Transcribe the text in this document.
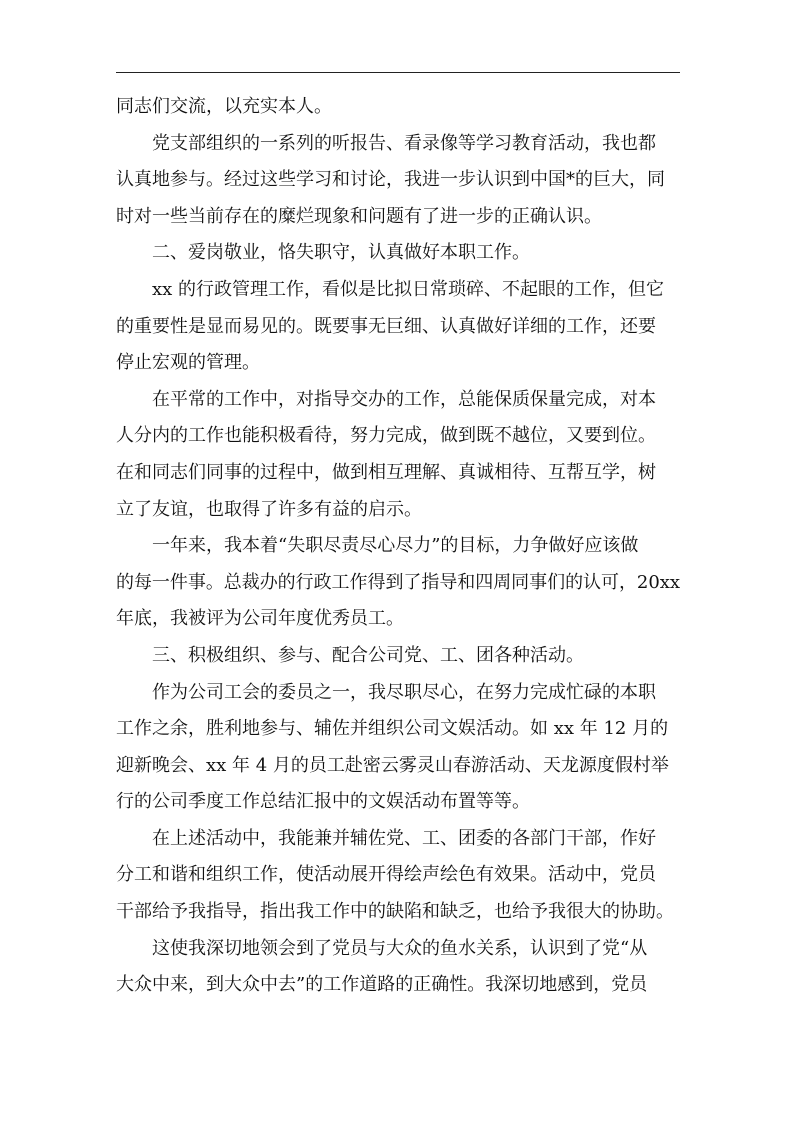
同志们交流，以充实本人。
党支部组织的一系列的听报告、看录像等学习教育活动，我也都
认真地参与。经过这些学习和讨论，我进一步认识到中国*的巨大，同
时对一些当前存在的糜烂现象和问题有了进一步的正确认识。
二、爱岗敬业，恪失职守，认真做好本职工作。
xx 的行政管理工作，看似是比拟日常琐碎、不起眼的工作，但它
的重要性是显而易见的。既要事无巨细、认真做好详细的工作，还要
停止宏观的管理。
在平常的工作中，对指导交办的工作，总能保质保量完成，对本
人分内的工作也能积极看待，努力完成，做到既不越位，又要到位。
在和同志们同事的过程中，做到相互理解、真诚相待、互帮互学，树
立了友谊，也取得了许多有益的启示。
一年来，我本着“失职尽责尽心尽力”的目标，力争做好应该做
的每一件事。总裁办的行政工作得到了指导和四周同事们的认可，20xx
年底，我被评为公司年度优秀员工。
三、积极组织、参与、配合公司党、工、团各种活动。
作为公司工会的委员之一，我尽职尽心，在努力完成忙碌的本职
工作之余，胜利地参与、辅佐并组织公司文娱活动。如 xx 年 12 月的
迎新晚会、xx 年 4 月的员工赴密云雾灵山春游活动、天龙源度假村举
行的公司季度工作总结汇报中的文娱活动布置等等。
在上述活动中，我能兼并辅佐党、工、团委的各部门干部，作好
分工和谐和组织工作，使活动展开得绘声绘色有效果。活动中，党员
干部给予我指导，指出我工作中的缺陷和缺乏，也给予我很大的协助。
这使我深切地领会到了党员与大众的鱼水关系，认识到了党“从
大众中来，到大众中去”的工作道路的正确性。我深切地感到，党员
